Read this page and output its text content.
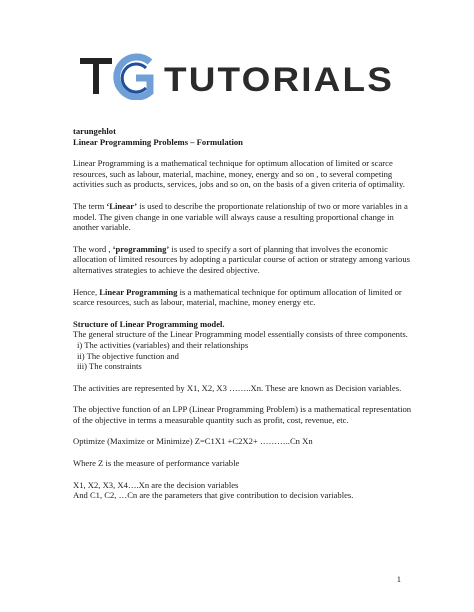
TUTORIALS
tarungehlot
Linear Programming Problems – Formulation

Linear Programming is a mathematical technique for optimum allocation of limited or scarce resources, such as labour, material, machine, money, energy and so on , to several competing activities such as products, services, jobs and so on, on the basis of a given criteria of optimality.

The term ‘Linear’ is used to describe the proportionate relationship of two or more variables in a model. The given change in one variable will always cause a resulting proportional change in another variable.

The word , ‘programming’ is used to specify a sort of planning that involves the economic allocation of limited resources by adopting a particular course of action or strategy among various alternatives strategies to achieve the desired objective.

Hence, Linear Programming is a mathematical technique for optimum allocation of limited or scarce resources, such as labour, material, machine, money energy etc.

Structure of Linear Programming model.
The general structure of the Linear Programming model essentially consists of three components.
i) The activities (variables) and their relationships
ii) The objective function and
iii) The constraints

The activities are represented by X1, X2, X3 ……..Xn. These are known as Decision variables.

The objective function of an LPP (Linear Programming Problem) is a mathematical representation of the objective in terms a measurable quantity such as profit, cost, revenue, etc.

Optimize (Maximize or Minimize) Z=C1X1 +C2X2+ ………..Cn Xn

Where Z is the measure of performance variable

X1, X2, X3, X4….Xn are the decision variables
And C1, C2, …Cn are the parameters that give contribution to decision variables.
1
